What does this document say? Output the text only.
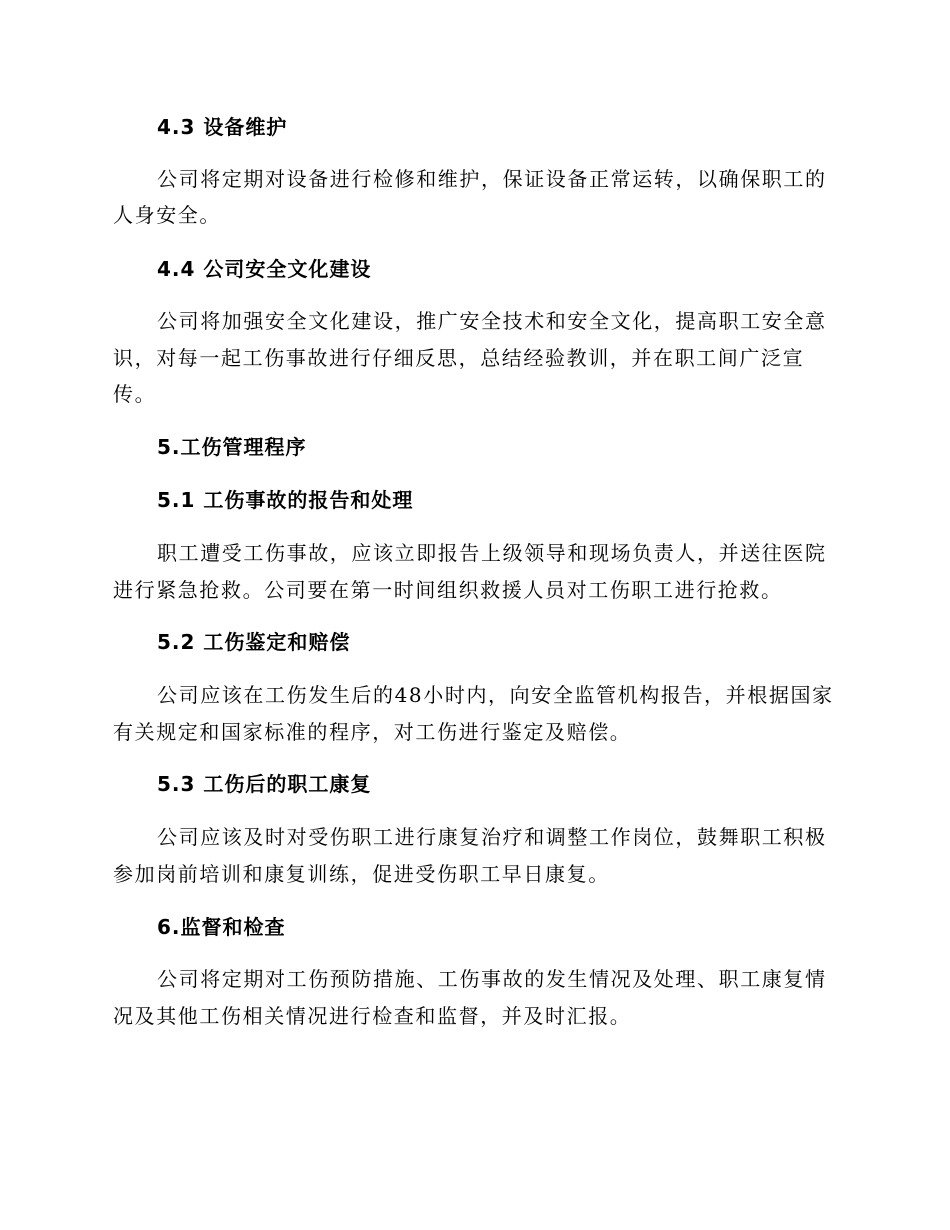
4.3 设备维护
公司将定期对设备进行检修和维护，保证设备正常运转，以确保职工的
人身安全。
4.4 公司安全文化建设
公司将加强安全文化建设，推广安全技术和安全文化，提高职工安全意
识，对每一起工伤事故进行仔细反思，总结经验教训，并在职工间广泛宣
传。
5.工伤管理程序
5.1 工伤事故的报告和处理
职工遭受工伤事故，应该立即报告上级领导和现场负责人，并送往医院
进行紧急抢救。公司要在第一时间组织救援人员对工伤职工进行抢救。
5.2 工伤鉴定和赔偿
公司应该在工伤发生后的48小时内，向安全监管机构报告，并根据国家
有关规定和国家标准的程序，对工伤进行鉴定及赔偿。
5.3 工伤后的职工康复
公司应该及时对受伤职工进行康复治疗和调整工作岗位，鼓舞职工积极
参加岗前培训和康复训练，促进受伤职工早日康复。
6.监督和检查
公司将定期对工伤预防措施、工伤事故的发生情况及处理、职工康复情
况及其他工伤相关情况进行检查和监督，并及时汇报。
